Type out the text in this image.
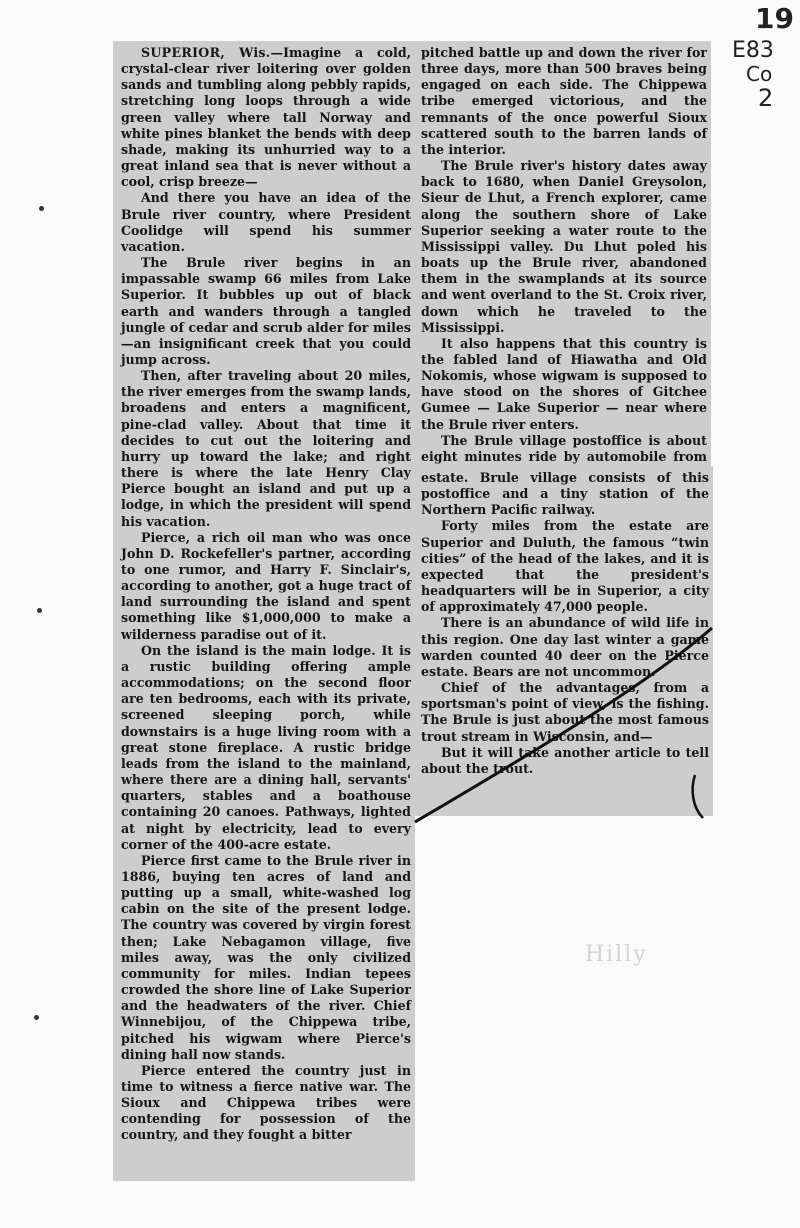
19
E83
Co
2

SUPERIOR, Wis.—Imagine a cold, crystal-clear river loitering over golden sands and tumbling along pebbly rapids, stretching long loops through a wide green valley where tall Norway and white pines blanket the bends with deep shade, making its unhurried way to a great inland sea that is never without a cool, crisp breeze—

And there you have an idea of the Brule river country, where President Coolidge will spend his summer vacation.

The Brule river begins in an impassable swamp 66 miles from Lake Superior. It bubbles up out of black earth and wanders through a tangled jungle of cedar and scrub alder for miles—an insignificant creek that you could jump across.

Then, after traveling about 20 miles, the river emerges from the swamp lands, broadens and enters a magnificent, pine-clad valley. About that time it decides to cut out the loitering and hurry up toward the lake; and right there is where the late Henry Clay Pierce bought an island and put up a lodge, in which the president will spend his vacation.

Pierce, a rich oil man who was once John D. Rockefeller's partner, according to one rumor, and Harry F. Sinclair's, according to another, got a huge tract of land surrounding the island and spent something like $1,000,000 to make a wilderness paradise out of it.

On the island is the main lodge. It is a rustic building offering ample accommodations; on the second floor are ten bedrooms, each with its private, screened sleeping porch, while downstairs is a huge living room with a great stone fireplace. A rustic bridge leads from the island to the mainland, where there are a dining hall, servants' quarters, stables and a boathouse containing 20 canoes. Pathways, lighted at night by electricity, lead to every corner of the 400-acre estate.

Pierce first came to the Brule river in 1886, buying ten acres of land and putting up a small, white-washed log cabin on the site of the present lodge. The country was covered by virgin forest then; Lake Nebagamon village, five miles away, was the only civilized community for miles. Indian tepees crowded the shore line of Lake Superior and the headwaters of the river. Chief Winnebijou, of the Chippewa tribe, pitched his wigwam where Pierce's dining hall now stands.

Pierce entered the country just in time to witness a fierce native war. The Sioux and Chippewa tribes were contending for possession of the country, and they fought a bitter

pitched battle up and down the river for three days, more than 500 braves being engaged on each side. The Chippewa tribe emerged victorious, and the remnants of the once powerful Sioux scattered south to the barren lands of the interior.

The Brule river's history dates away back to 1680, when Daniel Greysolon, Sieur de Lhut, a French explorer, came along the southern shore of Lake Superior seeking a water route to the Mississippi valley. Du Lhut poled his boats up the Brule river, abandoned them in the swamplands at its source and went overland to the St. Croix river, down which he traveled to the Mississippi.

It also happens that this country is the fabled land of Hiawatha and Old Nokomis, whose wigwam is supposed to have stood on the shores of Gitchee Gumee — Lake Superior — near where the Brule river enters.

The Brule village postoffice is about eight minutes ride by automobile from

estate. Brule village consists of this postoffice and a tiny station of the Northern Pacific railway.

Forty miles from the estate are Superior and Duluth, the famous “twin cities” of the head of the lakes, and it is expected that the president's headquarters will be in Superior, a city of approximately 47,000 people.

There is an abundance of wild life in this region. One day last winter a game warden counted 40 deer on the Pierce estate. Bears are not uncommon.

Chief of the advantages, from a sportsman's point of view, is the fishing. The Brule is just about the most famous trout stream in Wisconsin, and—

But it will take another article to tell about the trout.

Hilly
